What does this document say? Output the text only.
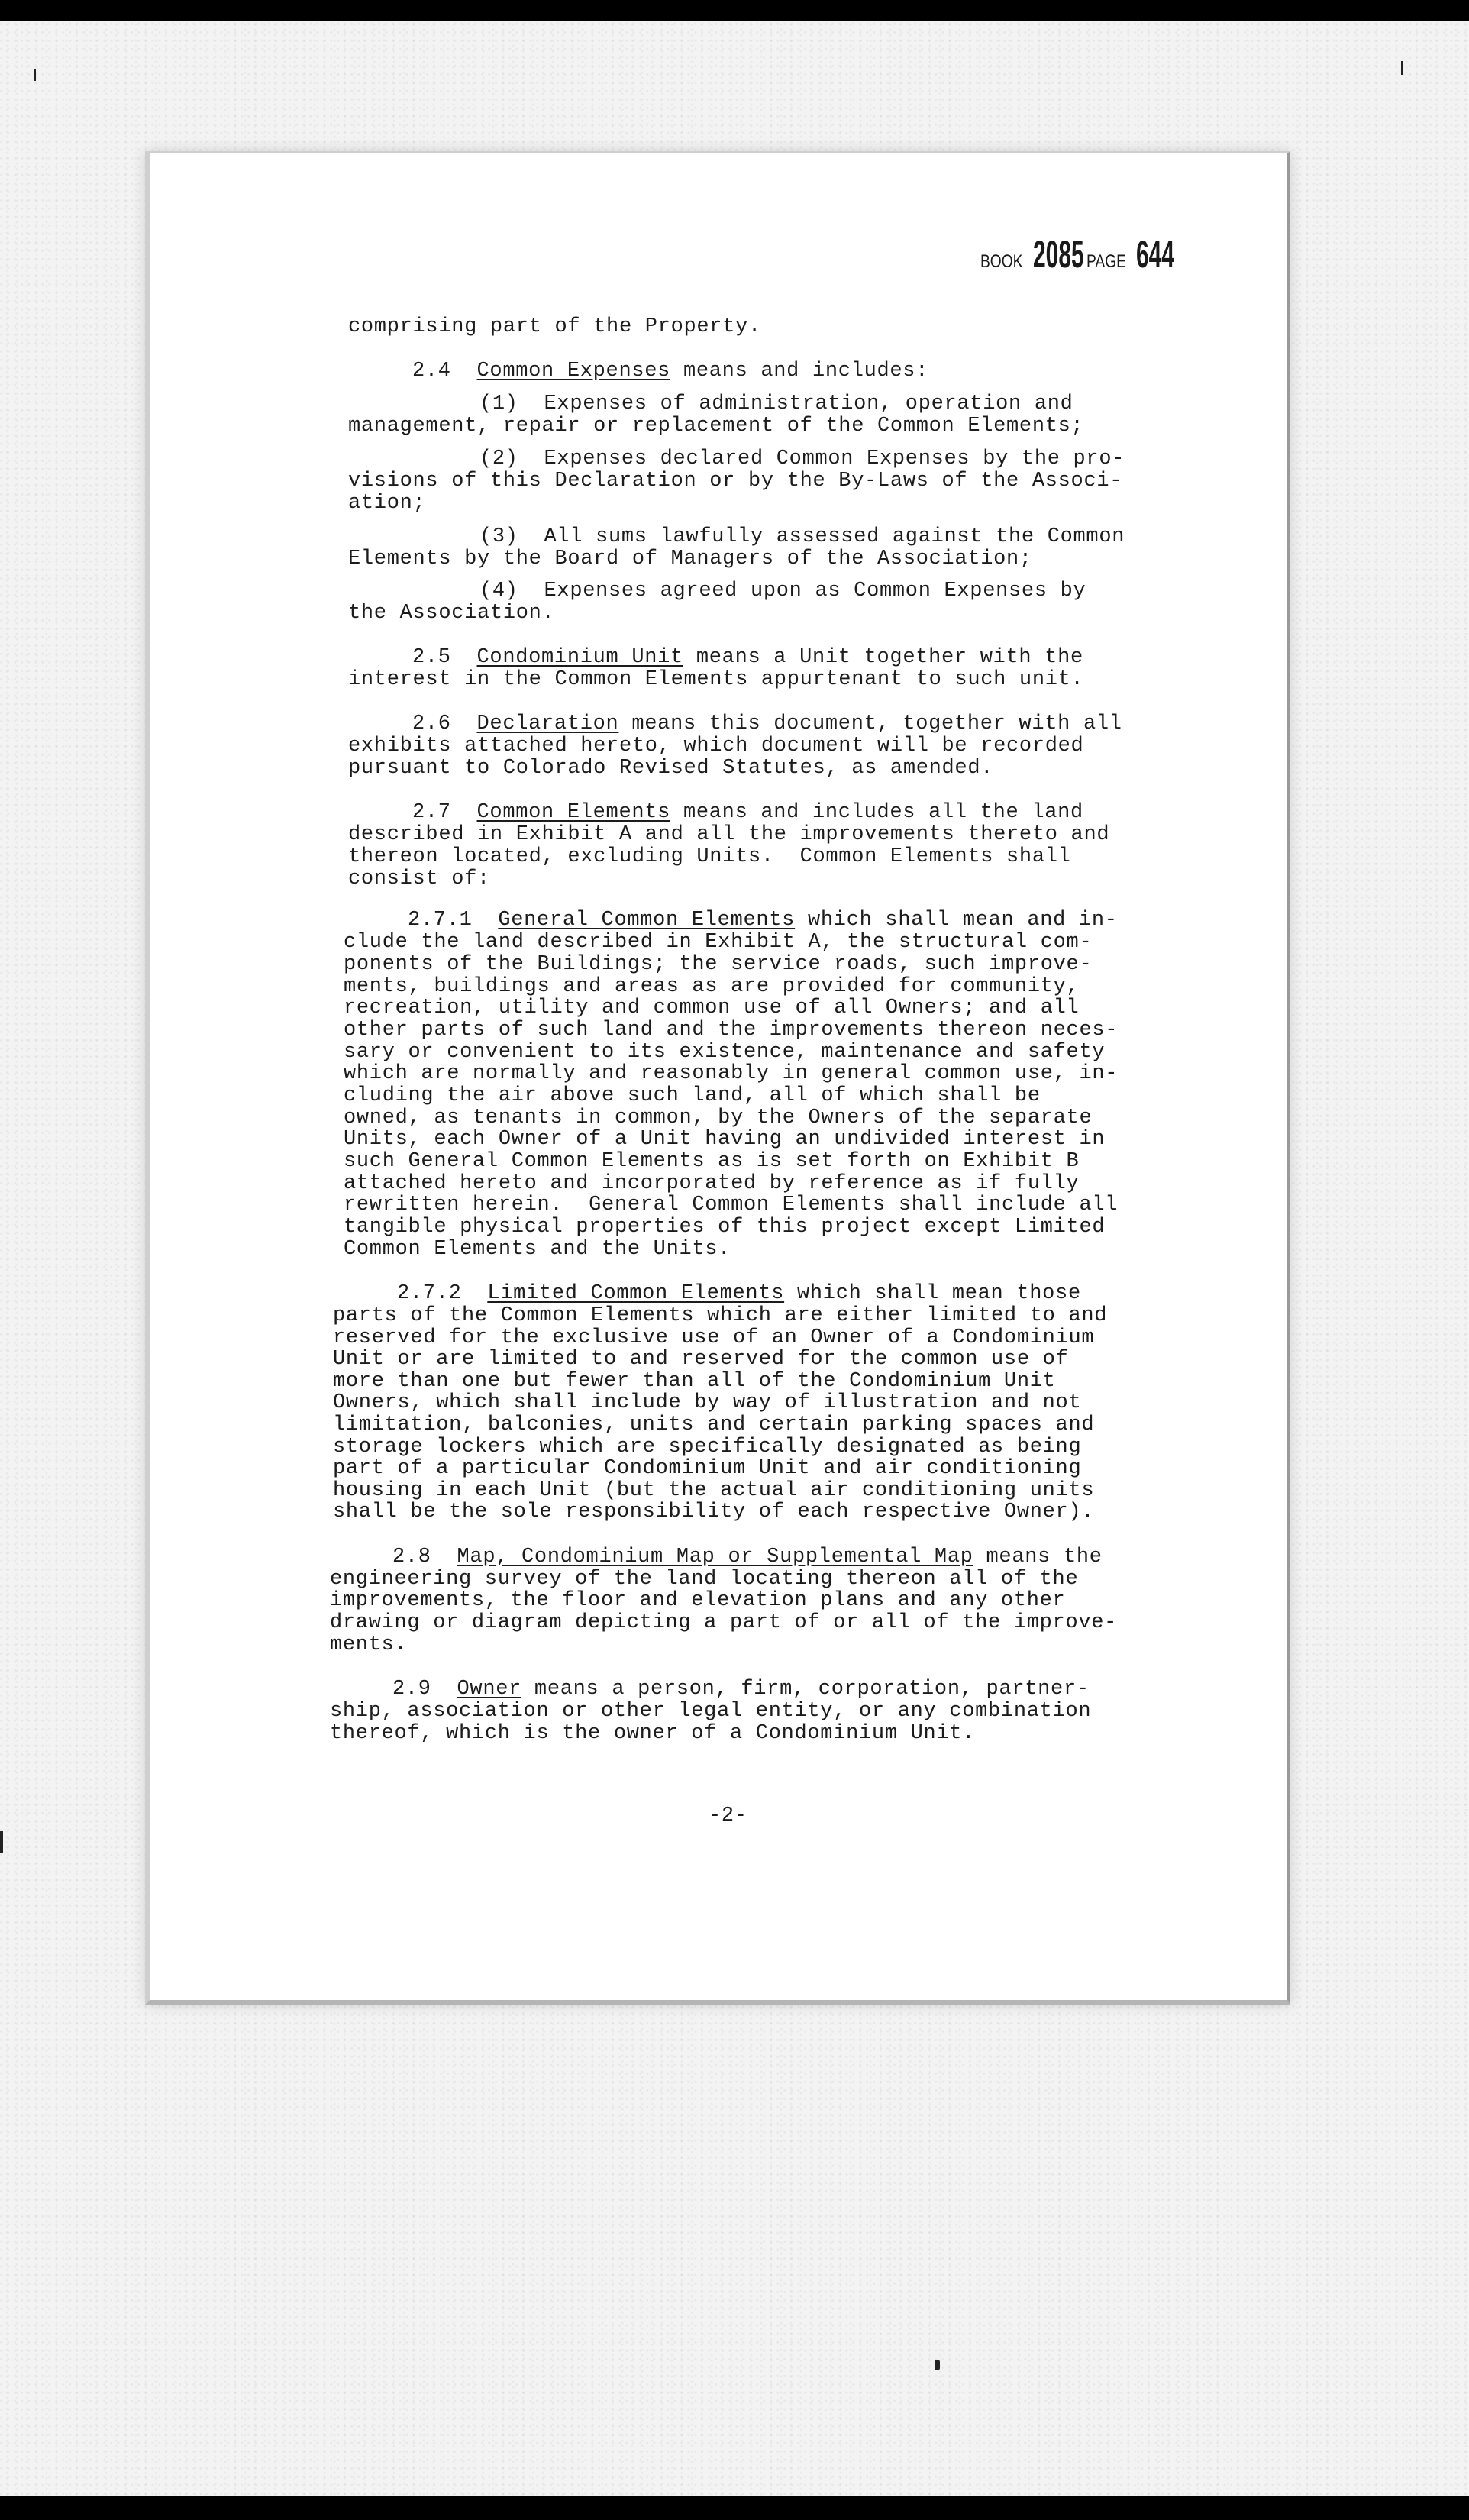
BOOK 2085 PAGE 644

comprising part of the Property.

2.4  Common Expenses means and includes:

(1)  Expenses of administration, operation and

management, repair or replacement of the Common Elements;

(2)  Expenses declared Common Expenses by the pro-

visions of this Declaration or by the By-Laws of the Associ-

ation;

(3)  All sums lawfully assessed against the Common

Elements by the Board of Managers of the Association;

(4)  Expenses agreed upon as Common Expenses by

the Association.

2.5  Condominium Unit means a Unit together with the

interest in the Common Elements appurtenant to such unit.

2.6  Declaration means this document, together with all

exhibits attached hereto, which document will be recorded

pursuant to Colorado Revised Statutes, as amended.

2.7  Common Elements means and includes all the land

described in Exhibit A and all the improvements thereto and

thereon located, excluding Units.  Common Elements shall

consist of:

2.7.1  General Common Elements which shall mean and in-

clude the land described in Exhibit A, the structural com-

ponents of the Buildings; the service roads, such improve-

ments, buildings and areas as are provided for community,

recreation, utility and common use of all Owners; and all

other parts of such land and the improvements thereon neces-

sary or convenient to its existence, maintenance and safety

which are normally and reasonably in general common use, in-

cluding the air above such land, all of which shall be

owned, as tenants in common, by the Owners of the separate

Units, each Owner of a Unit having an undivided interest in

such General Common Elements as is set forth on Exhibit B

attached hereto and incorporated by reference as if fully

rewritten herein.  General Common Elements shall include all

tangible physical properties of this project except Limited

Common Elements and the Units.

2.7.2  Limited Common Elements which shall mean those

parts of the Common Elements which are either limited to and

reserved for the exclusive use of an Owner of a Condominium

Unit or are limited to and reserved for the common use of

more than one but fewer than all of the Condominium Unit

Owners, which shall include by way of illustration and not

limitation, balconies, units and certain parking spaces and

storage lockers which are specifically designated as being

part of a particular Condominium Unit and air conditioning

housing in each Unit (but the actual air conditioning units

shall be the sole responsibility of each respective Owner).

2.8  Map, Condominium Map or Supplemental Map means the

engineering survey of the land locating thereon all of the

improvements, the floor and elevation plans and any other

drawing or diagram depicting a part of or all of the improve-

ments.

2.9  Owner means a person, firm, corporation, partner-

ship, association or other legal entity, or any combination

thereof, which is the owner of a Condominium Unit.

-2-
